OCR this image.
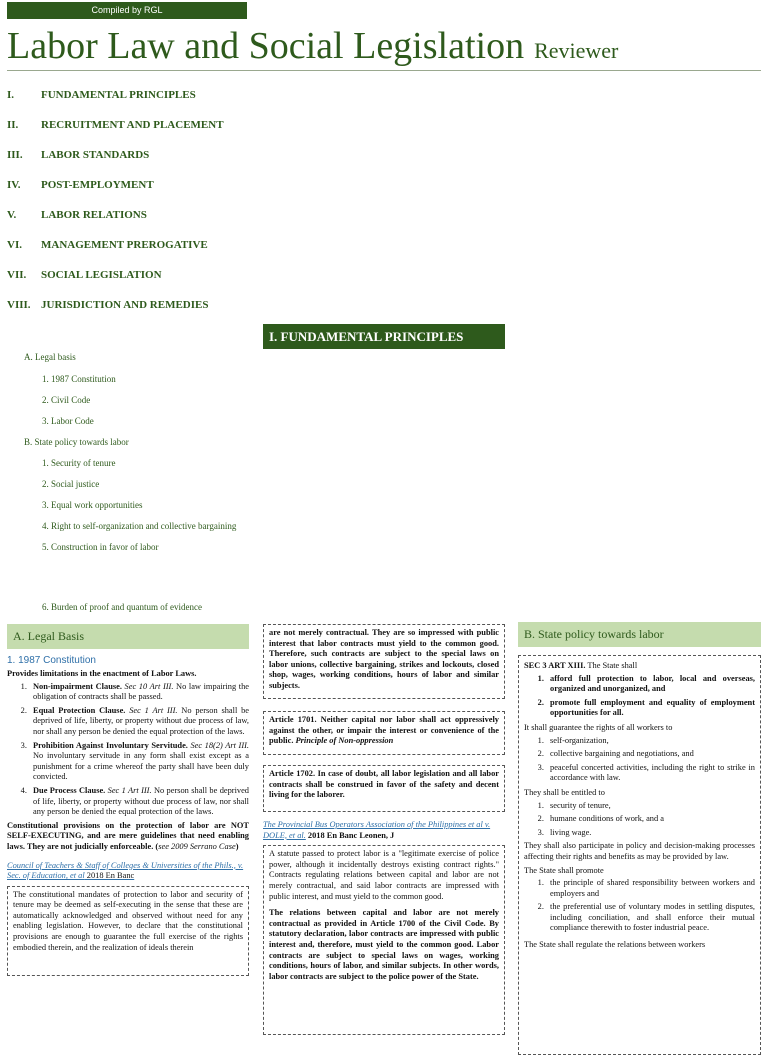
Compiled by RGL
Labor Law and Social Legislation Reviewer
I. FUNDAMENTAL PRINCIPLES
II. RECRUITMENT AND PLACEMENT
III. LABOR STANDARDS
IV. POST-EMPLOYMENT
V. LABOR RELATIONS
VI. MANAGEMENT PREROGATIVE
VII. SOCIAL LEGISLATION
VIII. JURISDICTION AND REMEDIES
I. FUNDAMENTAL PRINCIPLES
A. Legal basis
1. 1987 Constitution
2. Civil Code
3. Labor Code
B. State policy towards labor
1. Security of tenure
2. Social justice
3. Equal work opportunities
4. Right to self-organization and collective bargaining
5. Construction in favor of labor
6. Burden of proof and quantum of evidence
A. Legal Basis
1. 1987 Constitution
Provides limitations in the enactment of Labor Laws.
1. Non-impairment Clause. Sec 10 Art III. No law impairing the obligation of contracts shall be passed.
2. Equal Protection Clause. Sec 1 Art III. No person shall be deprived of life, liberty, or property without due process of law, nor shall any person be denied the equal protection of the laws.
3. Prohibition Against Involuntary Servitude. Sec 18(2) Art III. No involuntary servitude in any form shall exist except as a punishment for a crime whereof the party shall have been duly convicted.
4. Due Process Clause. Sec 1 Art III. No person shall be deprived of life, liberty, or property without due process of law, nor shall any person be denied the equal protection of the laws.
Constitutional provisions on the protection of labor are NOT SELF-EXECUTING, and are mere guidelines that need enabling laws. They are not judicially enforceable. (see 2009 Serrano Case)
Council of Teachers & Staff of Colleges & Universities of the Phils., v. Sec. of Education, et al 2018 En Banc
The constitutional mandates of protection to labor and security of tenure may be deemed as self-executing in the sense that these are automatically acknowledged and observed without need for any enabling legislation. However, to declare that the constitutional provisions are enough to guarantee the full exercise of the rights embodied therein, and the realization of ideals therein
are not merely contractual. They are so impressed with public interest that labor contracts must yield to the common good. Therefore, such contracts are subject to the special laws on labor unions, collective bargaining, strikes and lockouts, closed shop, wages, working conditions, hours of labor and similar subjects.
Article 1701. Neither capital nor labor shall act oppressively against the other, or impair the interest or convenience of the public. Principle of Non-oppression
Article 1702. In case of doubt, all labor legislation and all labor contracts shall be construed in favor of the safety and decent living for the laborer.
The Provincial Bus Operators Association of the Philippines et al v. DOLE, et al. 2018 En Banc Leonen, J
A statute passed to protect labor is a "legitimate exercise of police power, although it incidentally destroys existing contract rights." Contracts regulating relations between capital and labor are not merely contractual, and said labor contracts are impressed with public interest, and must yield to the common good.
The relations between capital and labor are not merely contractual as provided in Article 1700 of the Civil Code. By statutory declaration, labor contracts are impressed with public interest and, therefore, must yield to the common good. Labor contracts are subject to special laws on wages, working conditions, hours of labor, and similar subjects. In other words, labor contracts are subject to the police power of the State.
B. State policy towards labor
SEC 3 ART XIII. The State shall
1. afford full protection to labor, local and overseas, organized and unorganized, and
2. promote full employment and equality of employment opportunities for all.
It shall guarantee the rights of all workers to
1. self-organization,
2. collective bargaining and negotiations, and
3. peaceful concerted activities, including the right to strike in accordance with law.
They shall be entitled to
1. security of tenure,
2. humane conditions of work, and a
3. living wage.
They shall also participate in policy and decision-making processes affecting their rights and benefits as may be provided by law.
The State shall promote
1. the principle of shared responsibility between workers and employers and
2. the preferential use of voluntary modes in settling disputes, including conciliation, and shall enforce their mutual compliance therewith to foster industrial peace.
The State shall regulate the relations between workers
